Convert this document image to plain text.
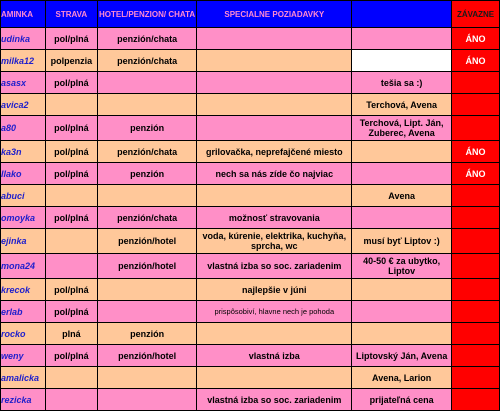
AMINKA	STRAVA	HOTEL/PENZION/ CHATA	SPECIALNE POZIADAVKY		ZÁVAZNE
udinka	pol/plná	penzión/chata			ÁNO
milka12	polpenzia	penzión/chata			ÁNO
asasx	pol/plná			tešia sa :)	
avica2				Terchová, Avena	
a80	pol/plná	penzión		Terchová, Lipt. Ján, Zuberec, Avena	
ka3n	pol/plná	penzión/chata	grilovačka, neprefajčené miesto		ÁNO
llako	pol/plná	penzión	nech sa nás zíde čo najviac		ÁNO
abuci				Avena	
omoyka	pol/plná	penzión/chata	možnosť stravovania		
ejinka		penzión/hotel	voda, kúrenie, elektrika, kuchyňa, sprcha, wc	musí byť Liptov :)	
mona24		penzión/hotel	vlastná izba so soc. zariadenim	40-50 € za ubytko, Liptov	
krecok	pol/plná		najlepšie v júni		
erlab	pol/plná		prispôsobiví, hlavne nech je pohoda		
rocko	plná	penzión			
weny	pol/plná	penzión/hotel	vlastná izba	Liptovský Ján, Avena	
amalicka				Avena, Larion	
rezicka			vlastná izba so soc. zariadenim	prijateľná cena	
